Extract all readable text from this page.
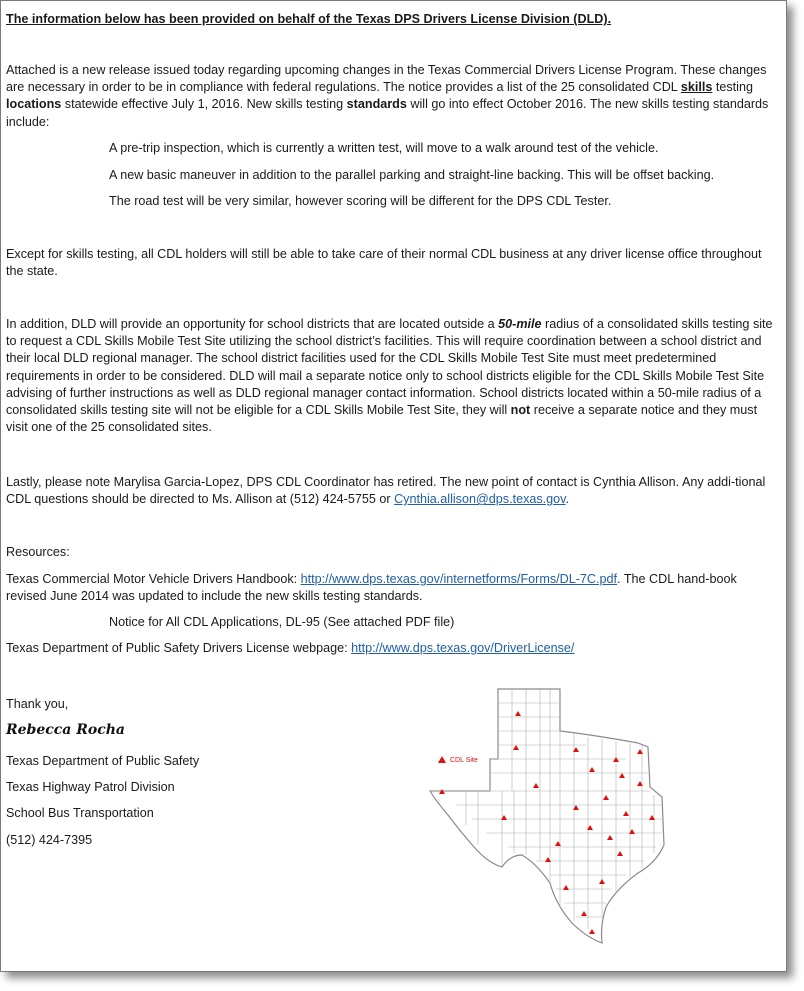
The information below has been provided on behalf of the Texas DPS Drivers License Division (DLD).
Attached is a new release issued today regarding upcoming changes in the Texas Commercial Drivers License Program. These changes are necessary in order to be in compliance with federal regulations. The notice provides a list of the 25 consolidated CDL skills testing locations statewide effective July 1, 2016. New skills testing standards will go into effect October 2016. The new skills testing standards include:
A pre-trip inspection, which is currently a written test, will move to a walk around test of the vehicle.
A new basic maneuver in addition to the parallel parking and straight-line backing. This will be offset backing.
The road test will be very similar, however scoring will be different for the DPS CDL Tester.
Except for skills testing, all CDL holders will still be able to take care of their normal CDL business at any driver license office throughout the state.
In addition, DLD will provide an opportunity for school districts that are located outside a 50-mile radius of a consolidated skills testing site to request a CDL Skills Mobile Test Site utilizing the school district’s facilities. This will require coordination between a school district and their local DLD regional manager. The school district facilities used for the CDL Skills Mobile Test Site must meet predetermined requirements in order to be considered. DLD will mail a separate notice only to school districts eligible for the CDL Skills Mobile Test Site advising of further instructions as well as DLD regional manager contact information. School districts located within a 50-mile radius of a consolidated skills testing site will not be eligible for a CDL Skills Mobile Test Site, they will not receive a separate notice and they must visit one of the 25 consolidated sites.
Lastly, please note Marylisa Garcia-Lopez, DPS CDL Coordinator has retired. The new point of contact is Cynthia Allison. Any addi-tional CDL questions should be directed to Ms. Allison at (512) 424-5755 or Cynthia.allison@dps.texas.gov.
Resources:
Texas Commercial Motor Vehicle Drivers Handbook: http://www.dps.texas.gov/internetforms/Forms/DL-7C.pdf. The CDL hand-book revised June 2014 was updated to include the new skills testing standards.
Notice for All CDL Applications, DL-95 (See attached PDF file)
Texas Department of Public Safety Drivers License webpage: http://www.dps.texas.gov/DriverLicense/
Thank you,
Rebecca Rocha
Texas Department of Public Safety
Texas Highway Patrol Division
School Bus Transportation
(512) 424-7395
CDL Site
